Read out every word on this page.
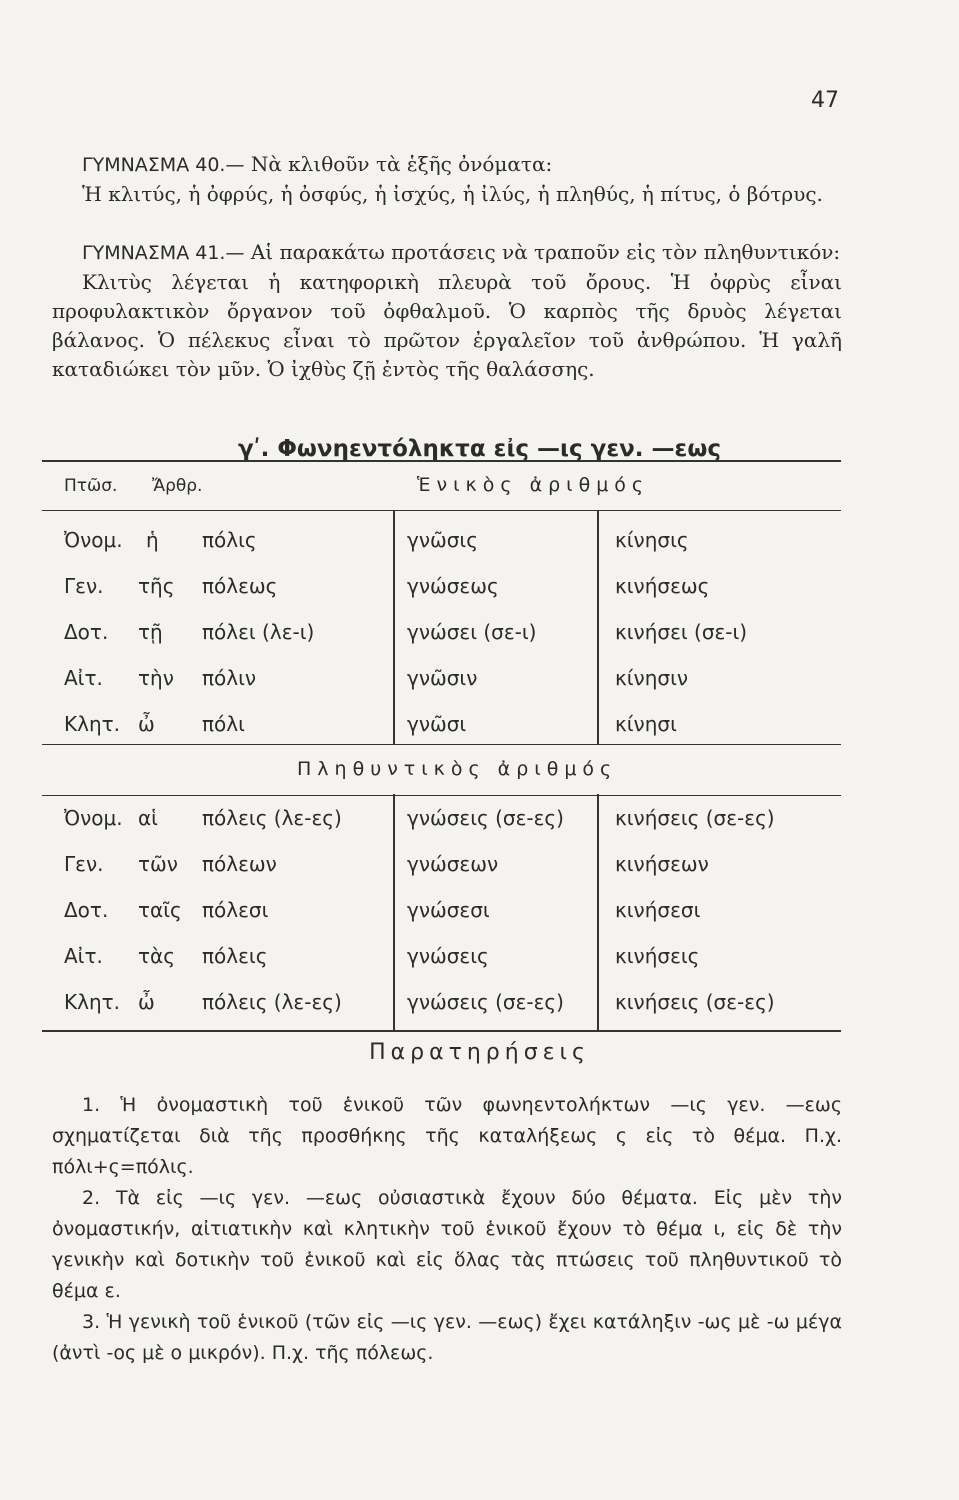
47

ΓΥΜΝΑΣΜΑ 40.— Νὰ κλιθοῦν τὰ ἑξῆς ὀνόματα:

Ἡ κλιτύς, ἡ ὀφρύς, ἡ ὀσφύς, ἡ ἰσχύς, ἡ ἰλύς, ἡ πληθύς, ἡ πίτυς, ὁ βότρυς.

ΓΥΜΝΑΣΜΑ 41.— Αἱ παρακάτω προτάσεις νὰ τραποῦν εἰς τὸν πληθυντικόν:

Κλιτὺς λέγεται ἡ κατηφορικὴ πλευρὰ τοῦ ὄρους. Ἡ ὀφρὺς εἶναι προφυλακτικὸν ὄργανον τοῦ ὀφθαλμοῦ. Ὁ καρπὸς τῆς δρυὸς λέγεται βάλανος. Ὁ πέλεκυς εἶναι τὸ πρῶτον ἐργαλεῖον τοῦ ἀνθρώπου. Ἡ γαλῆ καταδιώκει τὸν μῦν. Ὁ ἰχθὺς ζῇ ἐντὸς τῆς θαλάσσης.

γʹ. Φωνηεντόληκτα εἰς —ις γεν. —εως
Πτῶσ. Ἄρθρ.	Ἑνικὸς ἀριθμός
Ὀνομ. ἡ πόλις	γνῶσις	κίνησις
Γεν. τῆς πόλεως	γνώσεως	κινήσεως
Δοτ. τῇ πόλει (λε-ι)	γνώσει (σε-ι)	κινήσει (σε-ι)
Αἰτ. τὴν πόλιν	γνῶσιν	κίνησιν
Κλητ. ὦ πόλι	γνῶσι	κίνησι
Πληθυντικὸς ἀριθμός
Ὀνομ. αἱ πόλεις (λε-ες)	γνώσεις (σε-ες)	κινήσεις (σε-ες)
Γεν. τῶν πόλεων	γνώσεων	κινήσεων
Δοτ. ταῖς πόλεσι	γνώσεσι	κινήσεσι
Αἰτ. τὰς πόλεις	γνώσεις	κινήσεις
Κλητ. ὦ πόλεις (λε-ες)	γνώσεις (σε-ες)	κινήσεις (σε-ες)
Παρατηρήσεις

1. Ἡ ὀνομαστικὴ τοῦ ἑνικοῦ τῶν φωνηεντολήκτων —ις γεν. —εως σχηματίζεται διὰ τῆς προσθήκης τῆς καταλήξεως ς εἰς τὸ θέμα. Π.χ. πόλι+ς=πόλις.

2. Τὰ εἰς —ις γεν. —εως οὐσιαστικὰ ἔχουν δύο θέματα. Εἰς μὲν τὴν ὀνομαστικήν, αἰτιατικὴν καὶ κλητικὴν τοῦ ἑνικοῦ ἔχουν τὸ θέμα ι, εἰς δὲ τὴν γενικὴν καὶ δοτικὴν τοῦ ἑνικοῦ καὶ εἰς ὅλας τὰς πτώσεις τοῦ πληθυντικοῦ τὸ θέμα ε.

3. Ἡ γενικὴ τοῦ ἑνικοῦ (τῶν εἰς —ις γεν. —εως) ἔχει κατάληξιν -ως μὲ -ω μέγα (ἀντὶ -ος μὲ ο μικρόν). Π.χ. τῆς πόλεως.
